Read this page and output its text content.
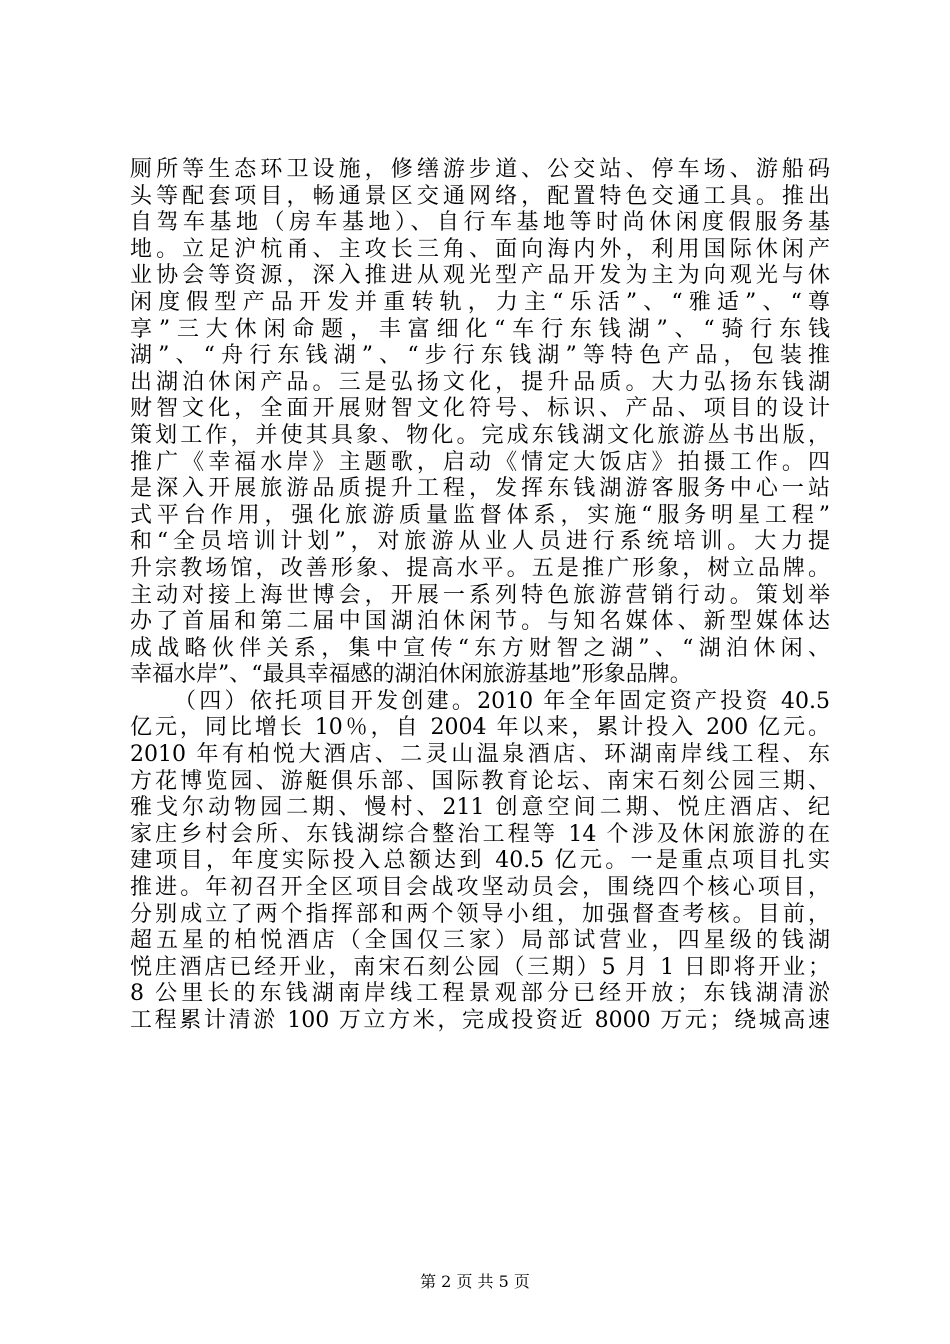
厕所等生态环卫设施，修缮游步道、公交站、停车场、游船码
头等配套项目，畅通景区交通网络，配置特色交通工具。推出
自驾车基地（房车基地）、自行车基地等时尚休闲度假服务基
地。立足沪杭甬、主攻长三角、面向海内外，利用国际休闲产
业协会等资源，深入推进从观光型产品开发为主为向观光与休
闲度假型产品开发并重转轨，力主“乐活”、“雅适”、“尊
享”三大休闲命题，丰富细化“车行东钱湖”、“骑行东钱
湖”、“舟行东钱湖”、“步行东钱湖”等特色产品，包装推
出湖泊休闲产品。三是弘扬文化，提升品质。大力弘扬东钱湖
财智文化，全面开展财智文化符号、标识、产品、项目的设计
策划工作，并使其具象、物化。完成东钱湖文化旅游丛书出版，
推广《幸福水岸》主题歌，启动《情定大饭店》拍摄工作。四
是深入开展旅游品质提升工程，发挥东钱湖游客服务中心一站
式平台作用，强化旅游质量监督体系，实施“服务明星工程”
和“全员培训计划”，对旅游从业人员进行系统培训。大力提
升宗教场馆，改善形象、提高水平。五是推广形象，树立品牌。
主动对接上海世博会，开展一系列特色旅游营销行动。策划举
办了首届和第二届中国湖泊休闲节。与知名媒体、新型媒体达
成战略伙伴关系，集中宣传“东方财智之湖”、“湖泊休闲、
幸福水岸”、“最具幸福感的湖泊休闲旅游基地”形象品牌。
（四）依托项目开发创建。2010 年全年固定资产投资 40.5
亿元，同比增长 10％，自 2004 年以来，累计投入 200 亿元。
2010 年有柏悦大酒店、二灵山温泉酒店、环湖南岸线工程、东
方花博览园、游艇俱乐部、国际教育论坛、南宋石刻公园三期、
雅戈尔动物园二期、慢村、211 创意空间二期、悦庄酒店、纪
家庄乡村会所、东钱湖综合整治工程等 14 个涉及休闲旅游的在
建项目，年度实际投入总额达到 40.5 亿元。一是重点项目扎实
推进。年初召开全区项目会战攻坚动员会，围绕四个核心项目，
分别成立了两个指挥部和两个领导小组，加强督查考核。目前，
超五星的柏悦酒店（全国仅三家）局部试营业，四星级的钱湖
悦庄酒店已经开业，南宋石刻公园（三期）5 月 1 日即将开业；
8 公里长的东钱湖南岸线工程景观部分已经开放；东钱湖清淤
工程累计清淤 100 万立方米，完成投资近 8000 万元；绕城高速
第 2 页 共 5 页
